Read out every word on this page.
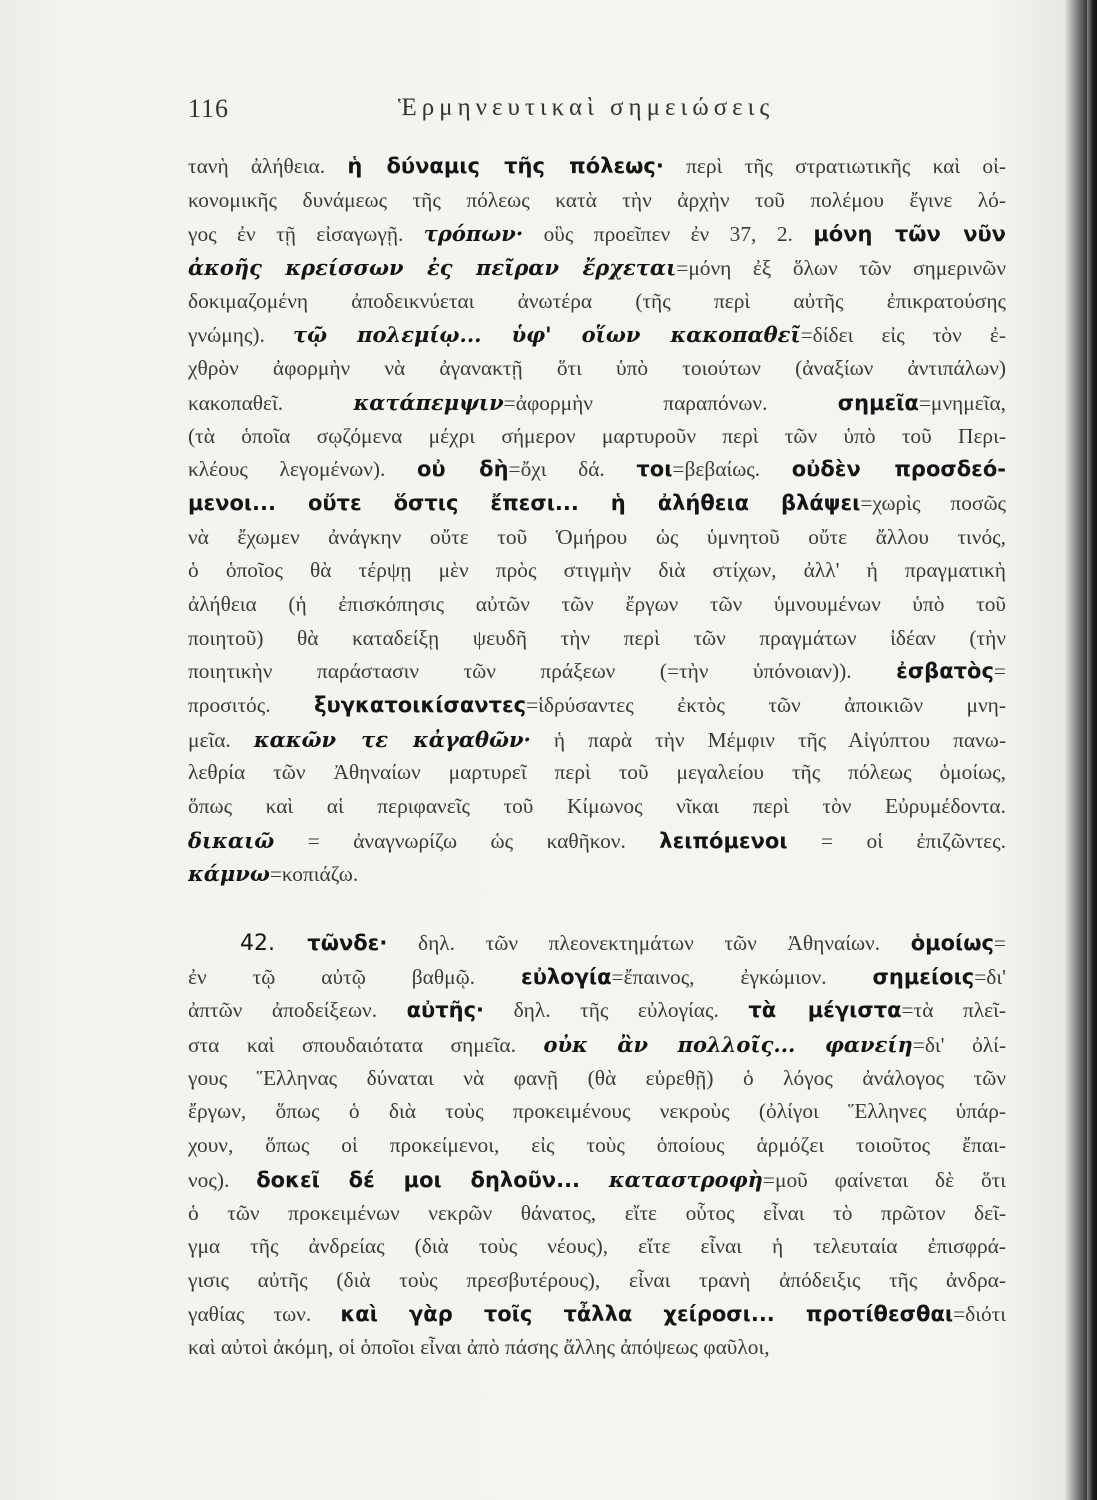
116	Ἑρμηνευτικαὶ σημειώσεις
τανὴ ἀλήθεια. ἡ δύναμις τῆς πόλεως· περὶ τῆς στρατιωτικῆς καὶ οἰ-
κονομικῆς δυνάμεως τῆς πόλεως κατὰ τὴν ἀρχὴν τοῦ πολέμου ἔγινε λό-
γος ἐν τῇ εἰσαγωγῇ. τρόπων· οὓς προεῖπεν ἐν 37, 2. μόνη τῶν νῦν
ἀκοῆς κρείσσων ἐς πεῖραν ἔρχεται=μόνη ἐξ ὅλων τῶν σημερινῶν
δοκιμαζομένη ἀποδεικνύεται ἀνωτέρα (τῆς περὶ αὐτῆς ἐπικρατούσης
γνώμης). τῷ πολεμίῳ... ὑφ' οἵων κακοπαθεῖ=δίδει εἰς τὸν ἐ-
χθρὸν ἀφορμὴν νὰ ἀγανακτῇ ὅτι ὑπὸ τοιούτων (ἀναξίων ἀντιπάλων)
κακοπαθεῖ. κατάπεμψιν=ἀφορμὴν παραπόνων. σημεῖα=μνημεῖα,
(τὰ ὁποῖα σῳζόμενα μέχρι σήμερον μαρτυροῦν περὶ τῶν ὑπὸ τοῦ Περι-
κλέους λεγομένων). οὐ δὴ=ὄχι δά. τοι=βεβαίως. οὐδὲν προσδεό-
μενοι... οὔτε ὅστις ἔπεσι... ἡ ἀλήθεια βλάψει=χωρὶς ποσῶς
νὰ ἔχωμεν ἀνάγκην οὔτε τοῦ Ὁμήρου ὡς ὑμνητοῦ οὔτε ἄλλου τινός,
ὁ ὁποῖος θὰ τέρψῃ μὲν πρὸς στιγμὴν διὰ στίχων, ἀλλ' ἡ πραγματικὴ
ἀλήθεια (ἡ ἐπισκόπησις αὐτῶν τῶν ἔργων τῶν ὑμνουμένων ὑπὸ τοῦ
ποιητοῦ) θὰ καταδείξῃ ψευδῆ τὴν περὶ τῶν πραγμάτων ἰδέαν (τὴν
ποιητικὴν παράστασιν τῶν πράξεων (=τὴν ὑπόνοιαν)). ἐσβατὸς=
προσιτός. ξυγκατοικίσαντες=ἱδρύσαντες ἐκτὸς τῶν ἀποικιῶν μνη-
μεῖα. κακῶν τε κἀγαθῶν· ἡ παρὰ τὴν Μέμφιν τῆς Αἰγύπτου πανω-
λεθρία τῶν Ἀθηναίων μαρτυρεῖ περὶ τοῦ μεγαλείου τῆς πόλεως ὁμοίως,
ὅπως καὶ αἱ περιφανεῖς τοῦ Κίμωνος νῖκαι περὶ τὸν Εὐρυμέδοντα.
δικαιῶ = ἀναγνωρίζω ὡς καθῆκον. λειπόμενοι = οἱ ἐπιζῶντες.
κάμνω=κοπιάζω.
42. τῶνδε· δηλ. τῶν πλεονεκτημάτων τῶν Ἀθηναίων. ὁμοίως=
ἐν τῷ αὐτῷ βαθμῷ. εὐλογία=ἔπαινος, ἐγκώμιον. σημείοις=δι'
ἀπτῶν ἀποδείξεων. αὐτῆς· δηλ. τῆς εὐλογίας. τὰ μέγιστα=τὰ πλεῖ-
στα καὶ σπουδαιότατα σημεῖα. οὐκ ἂν πολλοῖς... φανείη=δι' ὀλί-
γους Ἕλληνας δύναται νὰ φανῇ (θὰ εὑρεθῇ) ὁ λόγος ἀνάλογος τῶν
ἔργων, ὅπως ὁ διὰ τοὺς προκειμένους νεκροὺς (ὀλίγοι Ἕλληνες ὑπάρ-
χουν, ὅπως οἱ προκείμενοι, εἰς τοὺς ὁποίους ἁρμόζει τοιοῦτος ἔπαι-
νος). δοκεῖ δέ μοι δηλοῦν... καταστροφὴ=μοῦ φαίνεται δὲ ὅτι
ὁ τῶν προκειμένων νεκρῶν θάνατος, εἴτε οὗτος εἶναι τὸ πρῶτον δεῖ-
γμα τῆς ἀνδρείας (διὰ τοὺς νέους), εἴτε εἶναι ἡ τελευταία ἐπισφρά-
γισις αὐτῆς (διὰ τοὺς πρεσβυτέρους), εἶναι τρανὴ ἀπόδειξις τῆς ἀνδρα-
γαθίας των. καὶ γὰρ τοῖς τἆλλα χείροσι... προτίθεσθαι=διότι
καὶ αὐτοὶ ἀκόμη, οἱ ὁποῖοι εἶναι ἀπὸ πάσης ἄλλης ἀπόψεως φαῦλοι,
